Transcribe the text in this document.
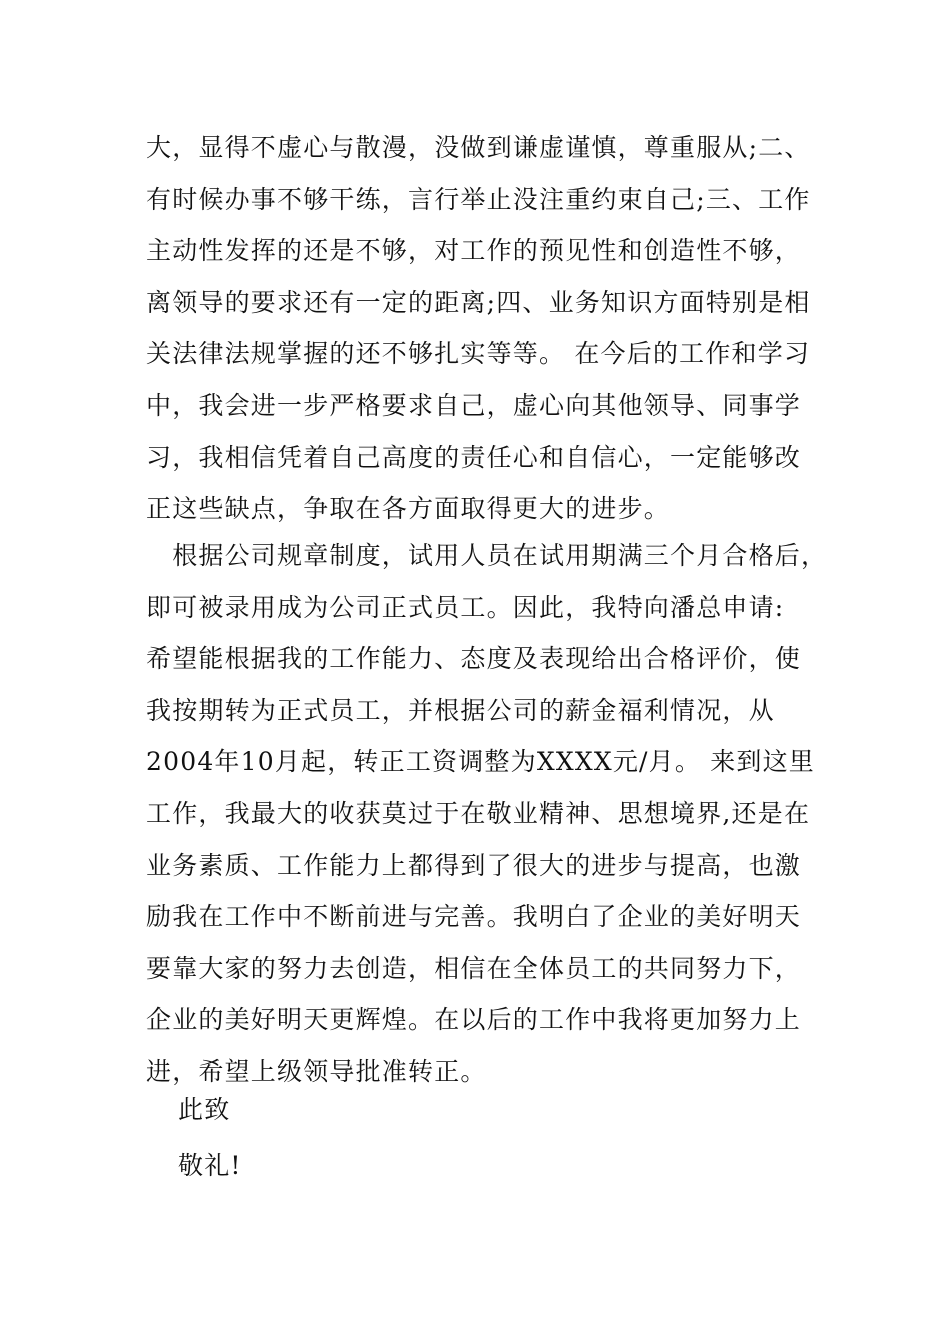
大，显得不虚心与散漫，没做到谦虚谨慎，尊重服从;二、
有时候办事不够干练，言行举止没注重约束自己;三、工作
主动性发挥的还是不够，对工作的预见性和创造性不够，
离领导的要求还有一定的距离;四、业务知识方面特别是相
关法律法规掌握的还不够扎实等等。 在今后的工作和学习
中，我会进一步严格要求自己，虚心向其他领导、同事学
习，我相信凭着自己高度的责任心和自信心，一定能够改
正这些缺点，争取在各方面取得更大的进步。
　根据公司规章制度，试用人员在试用期满三个月合格后，
即可被录用成为公司正式员工。因此，我特向潘总申请:
希望能根据我的工作能力、态度及表现给出合格评价，使
我按期转为正式员工，并根据公司的薪金福利情况，从
2004年10月起，转正工资调整为XXXX元/月。 来到这里
工作，我最大的收获莫过于在敬业精神、思想境界,还是在
业务素质、工作能力上都得到了很大的进步与提高，也激
励我在工作中不断前进与完善。我明白了企业的美好明天
要靠大家的努力去创造，相信在全体员工的共同努力下，
企业的美好明天更辉煌。在以后的工作中我将更加努力上
进，希望上级领导批准转正。
此致
敬礼!
